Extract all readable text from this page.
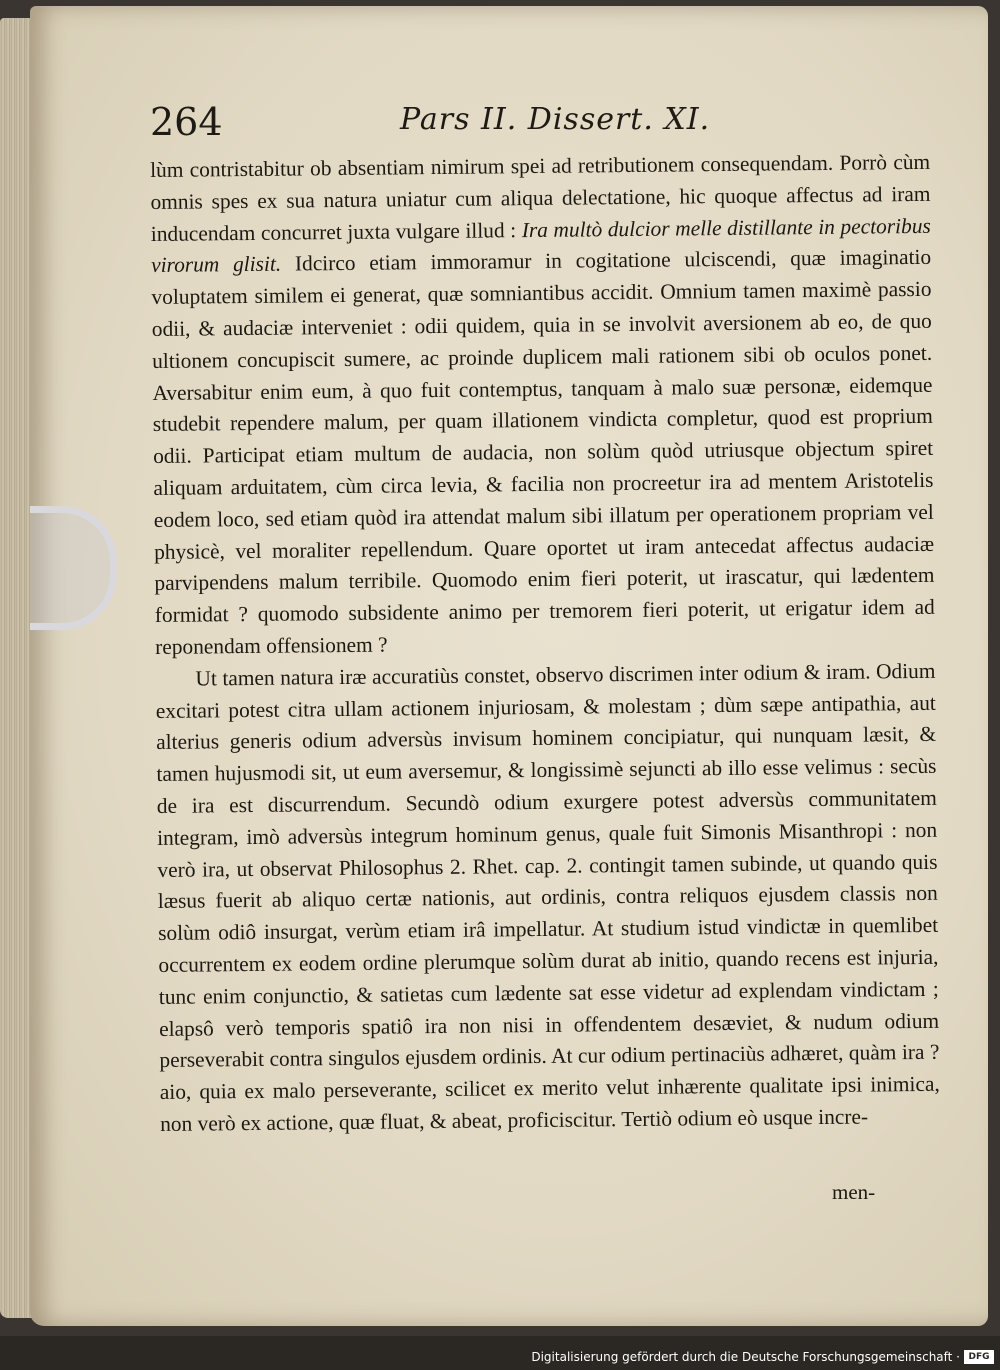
264	Pars II. Dissert. XI.

lùm contristabitur ob absentiam nimirum spei ad retributionem consequendam. Porrò cùm omnis spes ex sua natura uniatur cum aliqua delectatione, hic quoque affectus ad iram inducendam concurret juxta vulgare illud : Ira multò dulcior melle distillante in pectoribus virorum glisit. Idcirco etiam immoramur in cogitatione ulciscendi, quæ imaginatio voluptatem similem ei generat, quæ somniantibus accidit. Omnium tamen maximè passio odii, & audaciæ interveniet : odii quidem, quia in se involvit aversionem ab eo, de quo ultionem concupiscit sumere, ac proinde duplicem mali rationem sibi ob oculos ponet. Aversabitur enim eum, à quo fuit contemptus, tanquam à malo suæ personæ, eidemque studebit rependere malum, per quam illationem vindicta completur, quod est proprium odii. Participat etiam multum de audacia, non solùm quòd utriusque objectum spiret aliquam arduitatem, cùm circa levia, & facilia non procreetur ira ad mentem Aristotelis eodem loco, sed etiam quòd ira attendat malum sibi illatum per operationem propriam vel physicè, vel moraliter repellendum. Quare oportet ut iram antecedat affectus audaciæ parvipendens malum terribile. Quomodo enim fieri poterit, ut irascatur, qui lædentem formidat ? quomodo subsidente animo per tremorem fieri poterit, ut erigatur idem ad reponendam offensionem ?

Ut tamen natura iræ accuratiùs constet, observo discrimen inter odium & iram. Odium excitari potest citra ullam actionem injuriosam, & molestam ; dùm sæpe antipathia, aut alterius generis odium adversùs invisum hominem concipiatur, qui nunquam læsit, & tamen hujusmodi sit, ut eum aversemur, & longissimè sejuncti ab illo esse velimus : secùs de ira est discurrendum. Secundò odium exurgere potest adversùs communitatem integram, imò adversùs integrum hominum genus, quale fuit Simonis Misanthropi : non verò ira, ut observat Philosophus 2. Rhet. cap. 2. contingit tamen subinde, ut quando quis læsus fuerit ab aliquo certæ nationis, aut ordinis, contra reliquos ejusdem classis non solùm odiô insurgat, verùm etiam irâ impellatur. At studium istud vindictæ in quemlibet occurrentem ex eodem ordine plerumque solùm durat ab initio, quando recens est injuria, tunc enim conjunctio, & satietas cum lædente sat esse videtur ad explendam vindictam ; elapsô verò temporis spatiô ira non nisi in offendentem desæviet, & nudum odium perseverabit contra singulos ejusdem ordinis. At cur odium pertinaciùs adhæret, quàm ira ? aio, quia ex malo perseverante, scilicet ex merito velut inhærente qualitate ipsi inimica, non verò ex actione, quæ fluat, & abeat, proficiscitur. Tertiò odium eò usque incre-

men-
Digitalisierung gefördert durch die Deutsche Forschungsgemeinschaft · DFG
